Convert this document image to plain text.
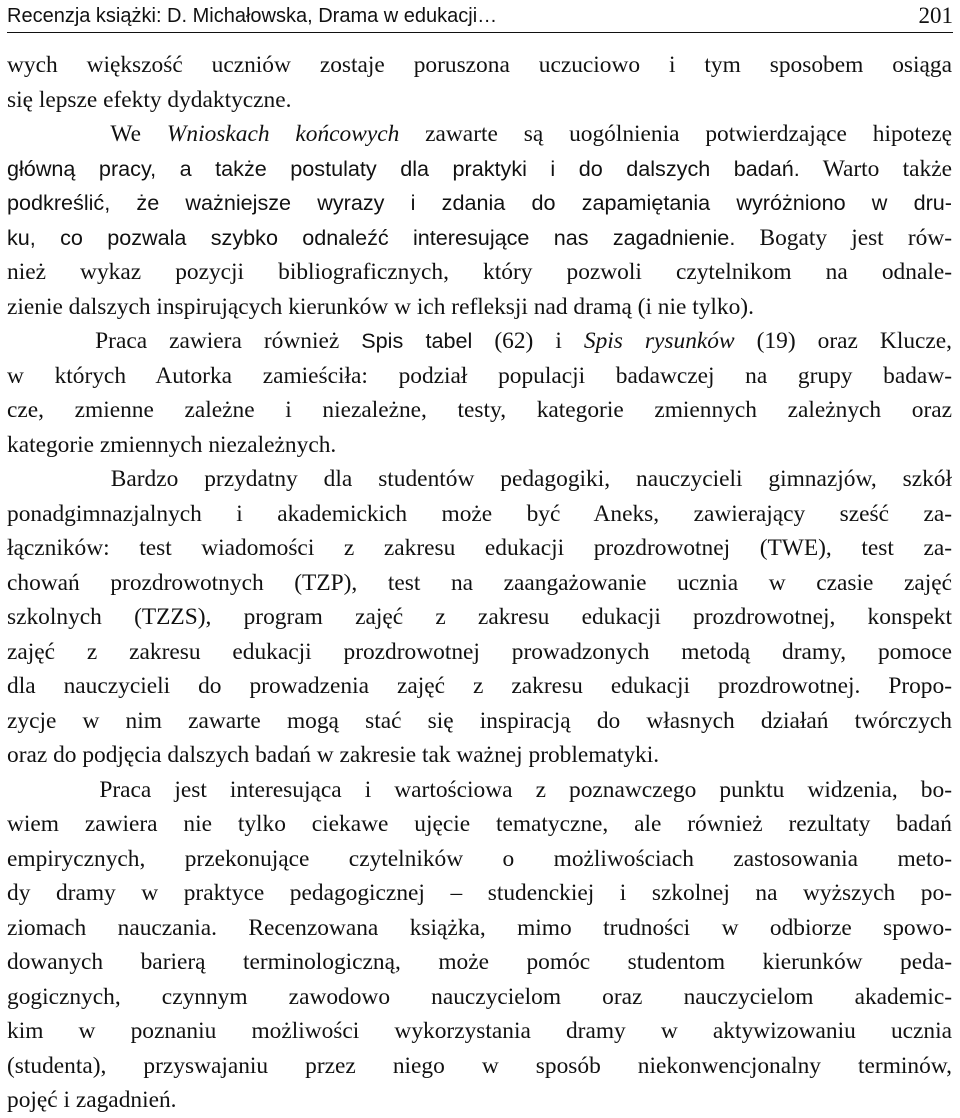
Recenzja książki: D. Michałowska, Drama w edukacji…	201
wych większość uczniów zostaje poruszona uczuciowo i tym sposobem osiąga
się lepsze efekty dydaktyczne.
We Wnioskach końcowych zawarte są uogólnienia potwierdzające hipotezę
główną pracy, a także postulaty dla praktyki i do dalszych badań. Warto także
podkreślić, że ważniejsze wyrazy i zdania do zapamiętania wyróżniono w dru-
ku, co pozwala szybko odnaleźć interesujące nas zagadnienie. Bogaty jest rów-
nież wykaz pozycji bibliograficznych, który pozwoli czytelnikom na odnale-
zienie dalszych inspirujących kierunków w ich refleksji nad dramą (i nie tylko).
Praca zawiera również Spis tabel (62) i Spis rysunków (19) oraz Klucze,
w których Autorka zamieściła: podział populacji badawczej na grupy badaw-
cze, zmienne zależne i niezależne, testy, kategorie zmiennych zależnych oraz
kategorie zmiennych niezależnych.
Bardzo przydatny dla studentów pedagogiki, nauczycieli gimnazjów, szkół
ponadgimnazjalnych i akademickich może być Aneks, zawierający sześć za-
łączników: test wiadomości z zakresu edukacji prozdrowotnej (TWE), test za-
chowań prozdrowotnych (TZP), test na zaangażowanie ucznia w czasie zajęć
szkolnych (TZZS), program zajęć z zakresu edukacji prozdrowotnej, konspekt
zajęć z zakresu edukacji prozdrowotnej prowadzonych metodą dramy, pomoce
dla nauczycieli do prowadzenia zajęć z zakresu edukacji prozdrowotnej. Propo-
zycje w nim zawarte mogą stać się inspiracją do własnych działań twórczych
oraz do podjęcia dalszych badań w zakresie tak ważnej problematyki.
Praca jest interesująca i wartościowa z poznawczego punktu widzenia, bo-
wiem zawiera nie tylko ciekawe ujęcie tematyczne, ale również rezultaty badań
empirycznych, przekonujące czytelników o możliwościach zastosowania meto-
dy dramy w praktyce pedagogicznej – studenckiej i szkolnej na wyższych po-
ziomach nauczania. Recenzowana książka, mimo trudności w odbiorze spowo-
dowanych barierą terminologiczną, może pomóc studentom kierunków peda-
gogicznych, czynnym zawodowo nauczycielom oraz nauczycielom akademic-
kim w poznaniu możliwości wykorzystania dramy w aktywizowaniu ucznia
(studenta), przyswajaniu przez niego w sposób niekonwencjonalny terminów,
pojęć i zagadnień.
